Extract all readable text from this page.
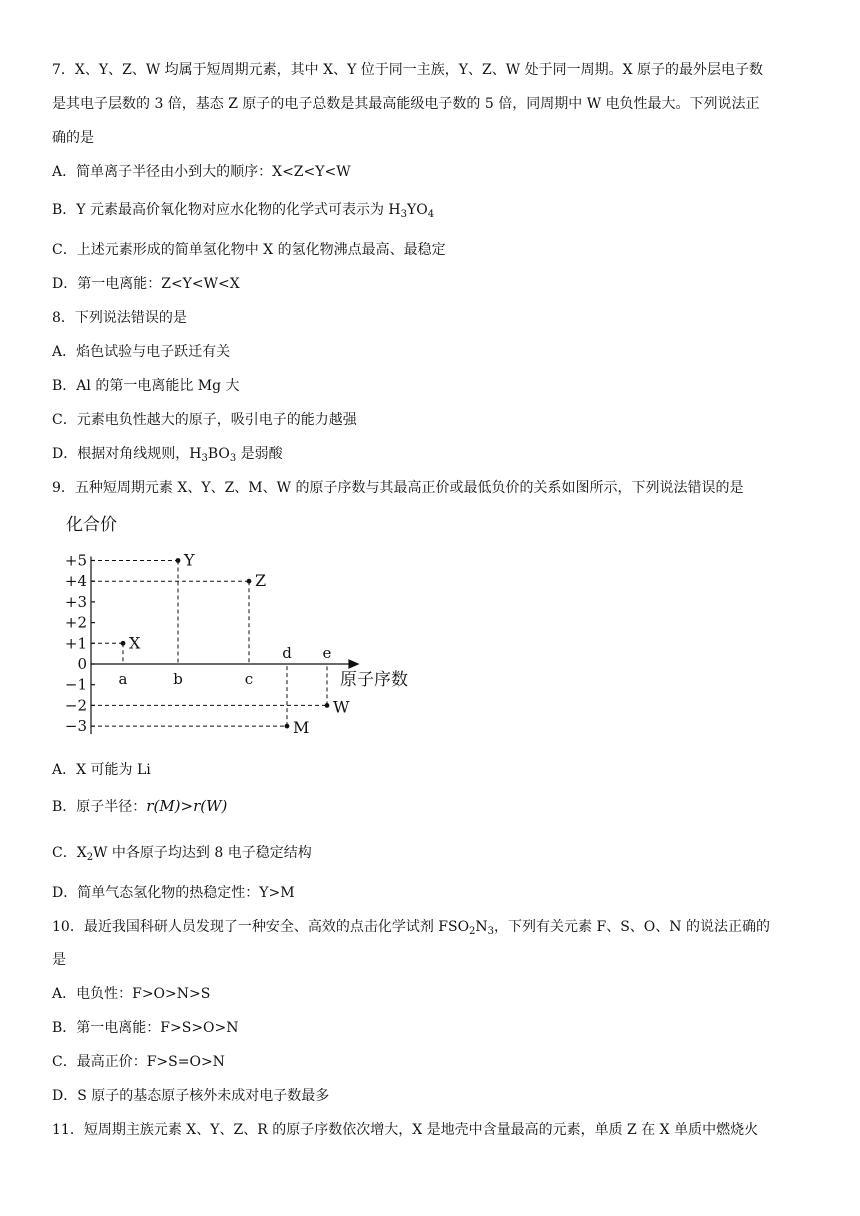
7．X、Y、Z、W 均属于短周期元素，其中 X、Y 位于同一主族，Y、Z、W 处于同一周期。X 原子的最外层电子数
是其电子层数的 3 倍，基态 Z 原子的电子总数是其最高能级电子数的 5 倍，同周期中 W 电负性最大。下列说法正
确的是
A．简单离子半径由小到大的顺序：X<Z<Y<W
B．Y 元素最高价氧化物对应水化物的化学式可表示为 $H_3YO_4$
C．上述元素形成的简单氢化物中 X 的氢化物沸点最高、最稳定
D．第一电离能：Z<Y<W<X
8．下列说法错误的是
A．焰色试验与电子跃迁有关
B．Al 的第一电离能比 Mg 大
C．元素电负性越大的原子，吸引电子的能力越强
D．根据对角线规则，$H_3BO_3$ 是弱酸
9．五种短周期元素 X、Y、Z、M、W 的原子序数与其最高正价或最低负价的关系如图所示，下列说法错误的是
+5
+4
+3
+2
+1
0
−1
−2
−3
a	b	c
d e
X
Y
Z
M
W
化合价
原子序数
A．X 可能为 Li
B．原子半径：r(M)>r(W)
C．$X_2W$ 中各原子均达到 8 电子稳定结构
D．简单气态氢化物的热稳定性：Y>M
10．最近我国科研人员发现了一种安全、高效的点击化学试剂 $FSO_2N_3$，下列有关元素 F、S、O、N 的说法正确的
是
A．电负性：F>O>N>S
B．第一电离能：F>S>O>N
C．最高正价：F>S=O>N
D．S 原子的基态原子核外未成对电子数最多
11．短周期主族元素 X、Y、Z、R 的原子序数依次增大，X 是地壳中含量最高的元素，单质 Z 在 X 单质中燃烧火
